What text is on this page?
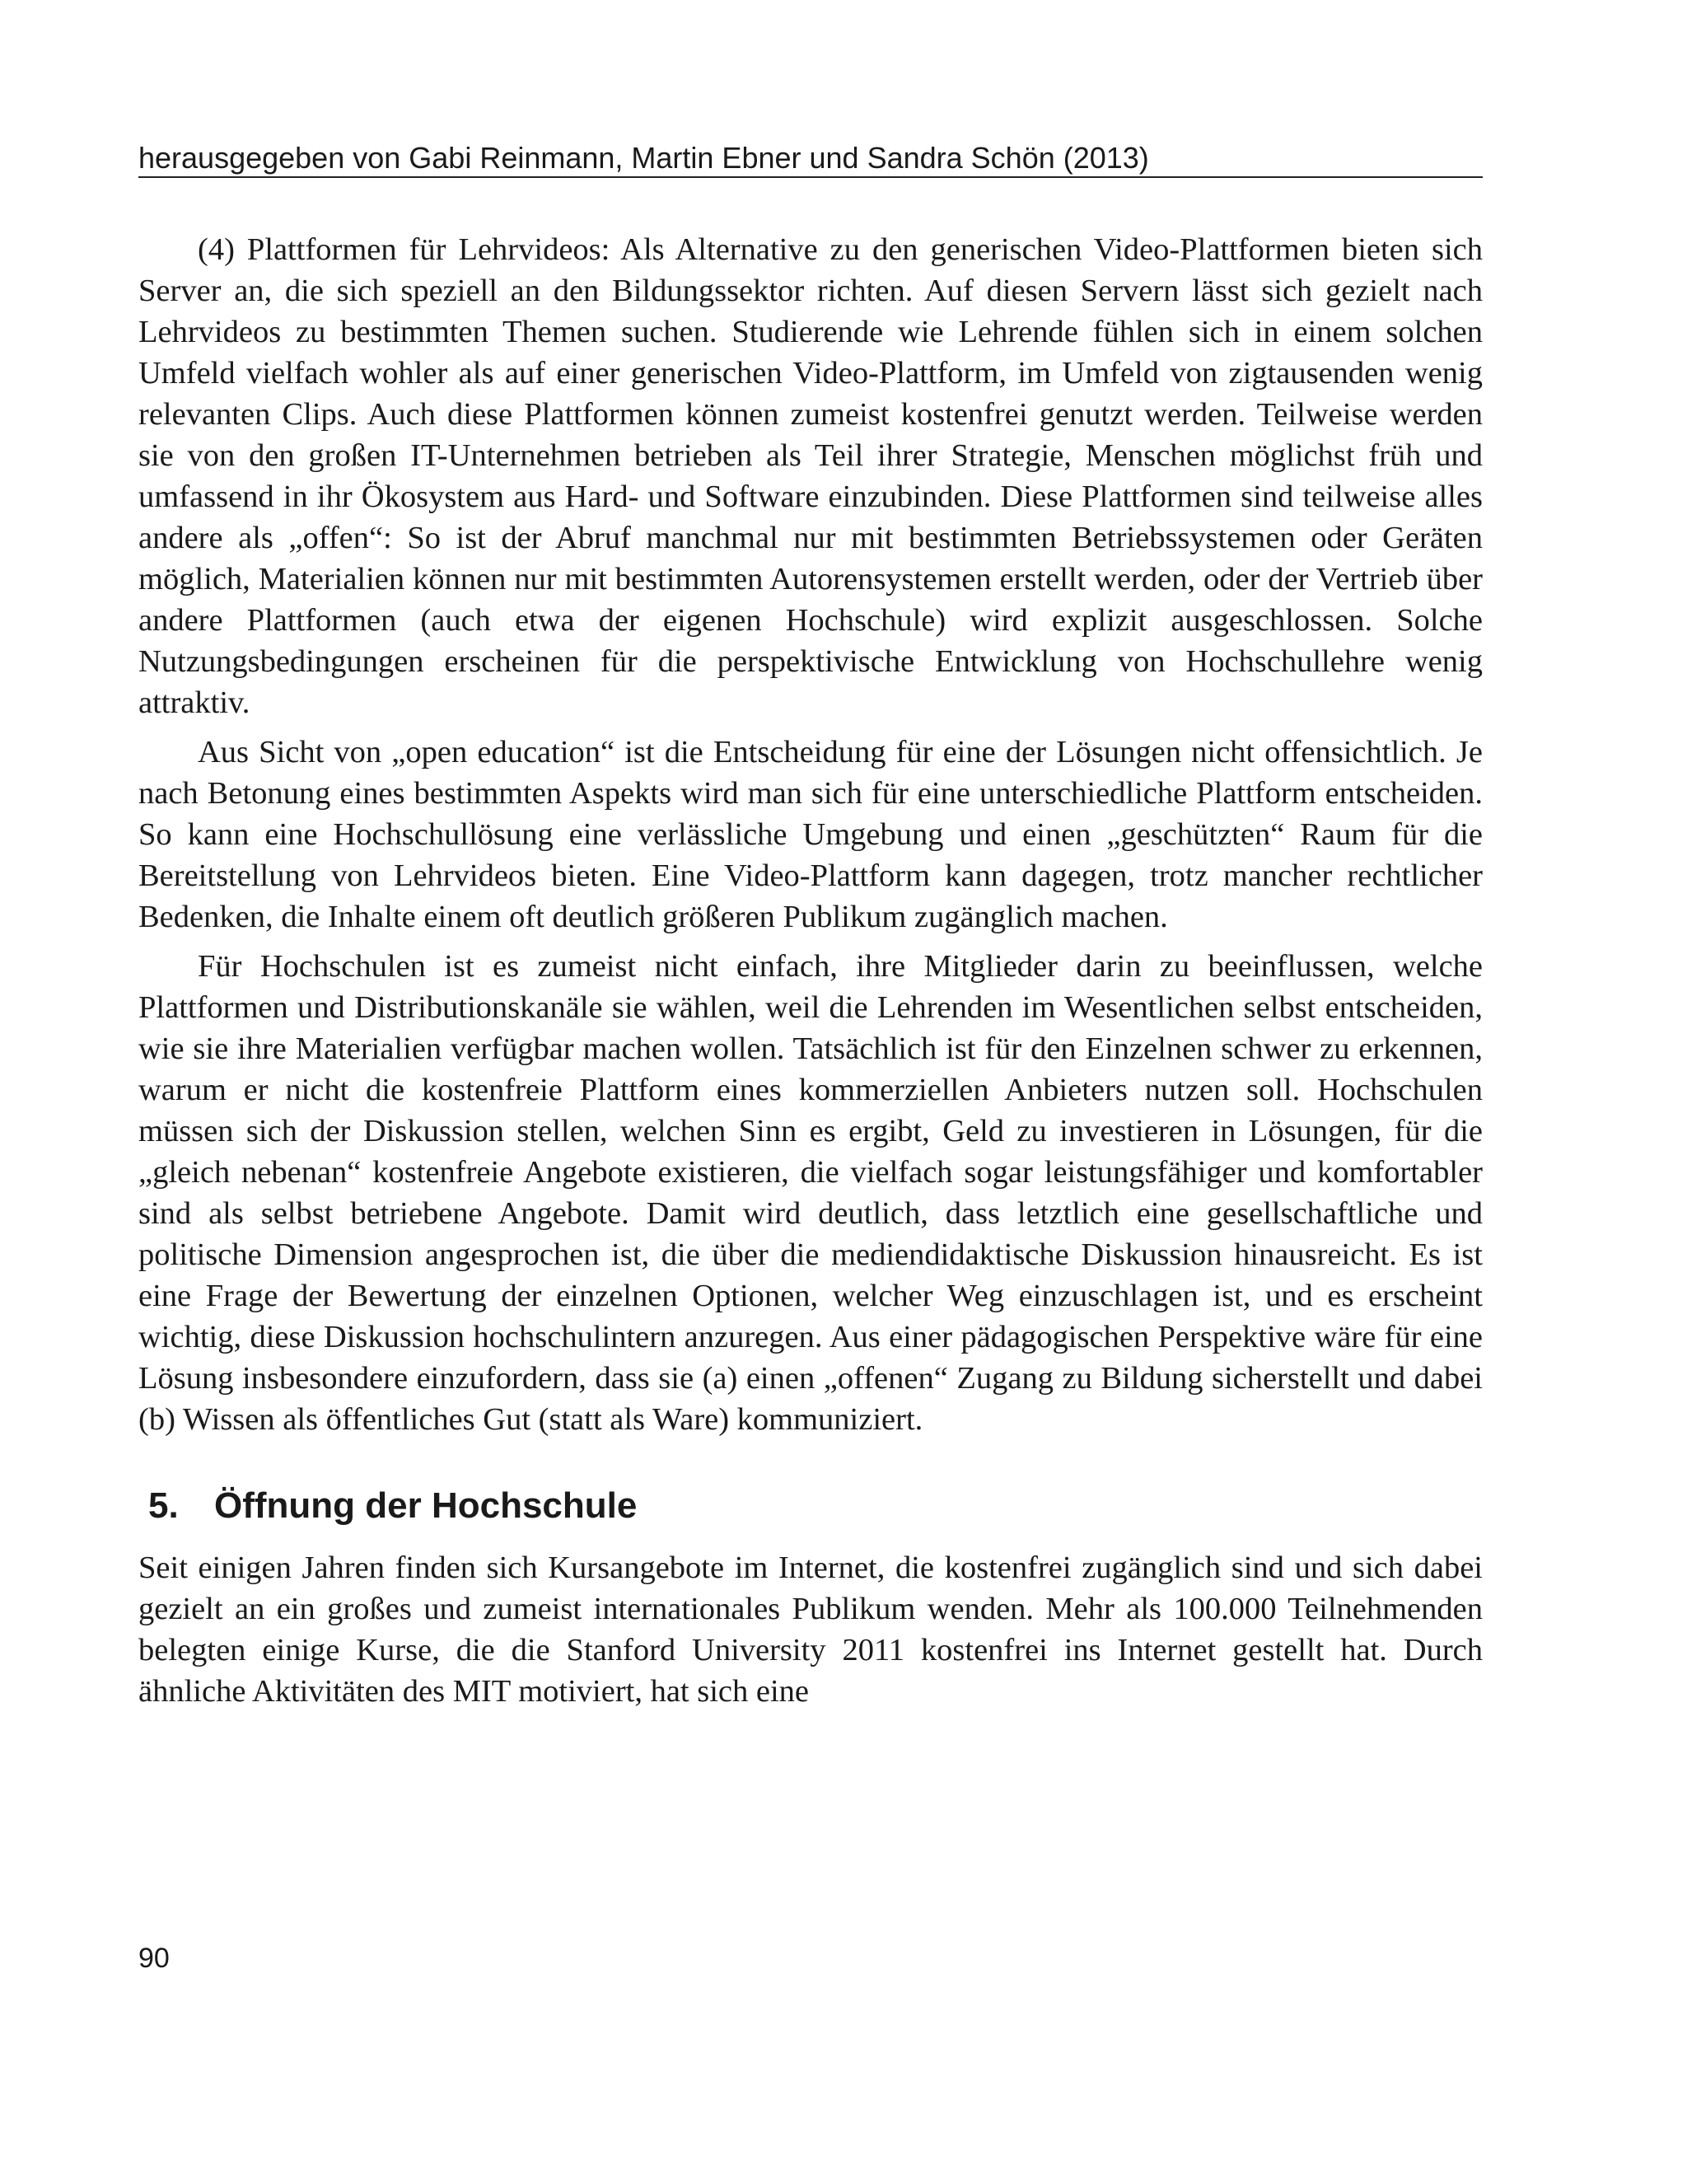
herausgegeben von Gabi Reinmann, Martin Ebner und Sandra Schön (2013)

(4) Plattformen für Lehrvideos: Als Alternative zu den generischen Video-Plattformen bieten sich Server an, die sich speziell an den Bildungssektor richten. Auf diesen Servern lässt sich gezielt nach Lehrvideos zu bestimmten Themen suchen. Studierende wie Lehrende fühlen sich in einem solchen Umfeld vielfach wohler als auf einer generischen Video-Plattform, im Umfeld von zigtausenden wenig relevanten Clips. Auch diese Plattformen können zumeist kostenfrei genutzt werden. Teilweise werden sie von den großen IT-Unternehmen betrieben als Teil ihrer Strategie, Menschen möglichst früh und umfassend in ihr Ökosystem aus Hard- und Software einzubinden. Diese Plattformen sind teilweise alles andere als „offen“: So ist der Abruf manchmal nur mit bestimmten Betriebssystemen oder Geräten möglich, Materialien können nur mit bestimmten Autorensystemen erstellt werden, oder der Vertrieb über andere Plattformen (auch etwa der eigenen Hochschule) wird explizit ausgeschlossen. Solche Nutzungsbedingungen erscheinen für die perspektivische Entwicklung von Hochschullehre wenig attraktiv.

Aus Sicht von „open education“ ist die Entscheidung für eine der Lösungen nicht offensichtlich. Je nach Betonung eines bestimmten Aspekts wird man sich für eine unterschiedliche Plattform entscheiden. So kann eine Hochschullösung eine verlässliche Umgebung und einen „geschützten“ Raum für die Bereitstellung von Lehrvideos bieten. Eine Video-Plattform kann dagegen, trotz mancher rechtlicher Bedenken, die Inhalte einem oft deutlich größeren Publikum zugänglich machen.

Für Hochschulen ist es zumeist nicht einfach, ihre Mitglieder darin zu beeinflussen, welche Plattformen und Distributionskanäle sie wählen, weil die Lehrenden im Wesentlichen selbst entscheiden, wie sie ihre Materialien verfügbar machen wollen. Tatsächlich ist für den Einzelnen schwer zu erkennen, warum er nicht die kostenfreie Plattform eines kommerziellen Anbieters nutzen soll. Hochschulen müssen sich der Diskussion stellen, welchen Sinn es ergibt, Geld zu investieren in Lösungen, für die „gleich nebenan“ kostenfreie Angebote existieren, die vielfach sogar leistungsfähiger und komfortabler sind als selbst betriebene Angebote. Damit wird deutlich, dass letztlich eine gesellschaftliche und politische Dimension angesprochen ist, die über die mediendidaktische Diskussion hinausreicht. Es ist eine Frage der Bewertung der einzelnen Optionen, welcher Weg einzuschlagen ist, und es erscheint wichtig, diese Diskussion hochschulintern anzuregen. Aus einer pädagogischen Perspektive wäre für eine Lösung insbesondere einzufordern, dass sie (a) einen „offenen“ Zugang zu Bildung sicherstellt und dabei (b) Wissen als öffentliches Gut (statt als Ware) kommuniziert.

5. Öffnung der Hochschule

Seit einigen Jahren finden sich Kursangebote im Internet, die kostenfrei zugänglich sind und sich dabei gezielt an ein großes und zumeist internationales Publikum wenden. Mehr als 100.000 Teilnehmenden belegten einige Kurse, die die Stanford University 2011 kostenfrei ins Internet gestellt hat. Durch ähnliche Aktivitäten des MIT motiviert, hat sich eine

90
